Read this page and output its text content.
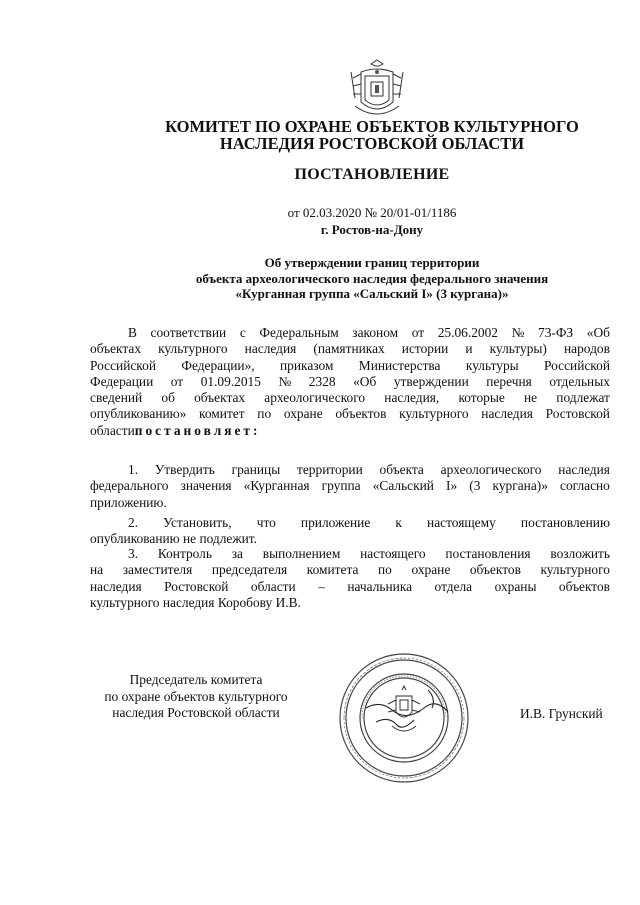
КОМИТЕТ ПО ОХРАНЕ ОБЪЕКТОВ КУЛЬТУРНОГО
НАСЛЕДИЯ РОСТОВСКОЙ ОБЛАСТИ
ПОСТАНОВЛЕНИЕ
от 02.03.2020 № 20/01-01/1186
г. Ростов-на-Дону
Об утверждении границ территории
объекта археологического наследия федерального значения
«Курганная группа «Сальский I» (3 кургана)»
В соответствии с Федеральным законом от 25.06.2002 № 73-ФЗ «Об
объектах культурного наследия (памятниках истории и культуры) народов
Российской Федерации», приказом Министерства культуры Российской
Федерации от 01.09.2015 № 2328 «Об утверждении перечня отдельных
сведений об объектах археологического наследия, которые не подлежат
опубликованию» комитет по охране объектов культурного наследия Ростовской
области постановляет:
1. Утвердить границы территории объекта археологического наследия
федерального значения «Курганная группа «Сальский I» (3 кургана)» согласно
приложению.
2. Установить, что приложение к настоящему постановлению
опубликованию не подлежит.
3. Контроль за выполнением настоящего постановления возложить
на заместителя председателя комитета по охране объектов культурного
наследия Ростовской области – начальника отдела охраны объектов
культурного наследия Коробову И.В.
Председатель комитета
по охране объектов культурного
наследия Ростовской области	И.В. Грунский
